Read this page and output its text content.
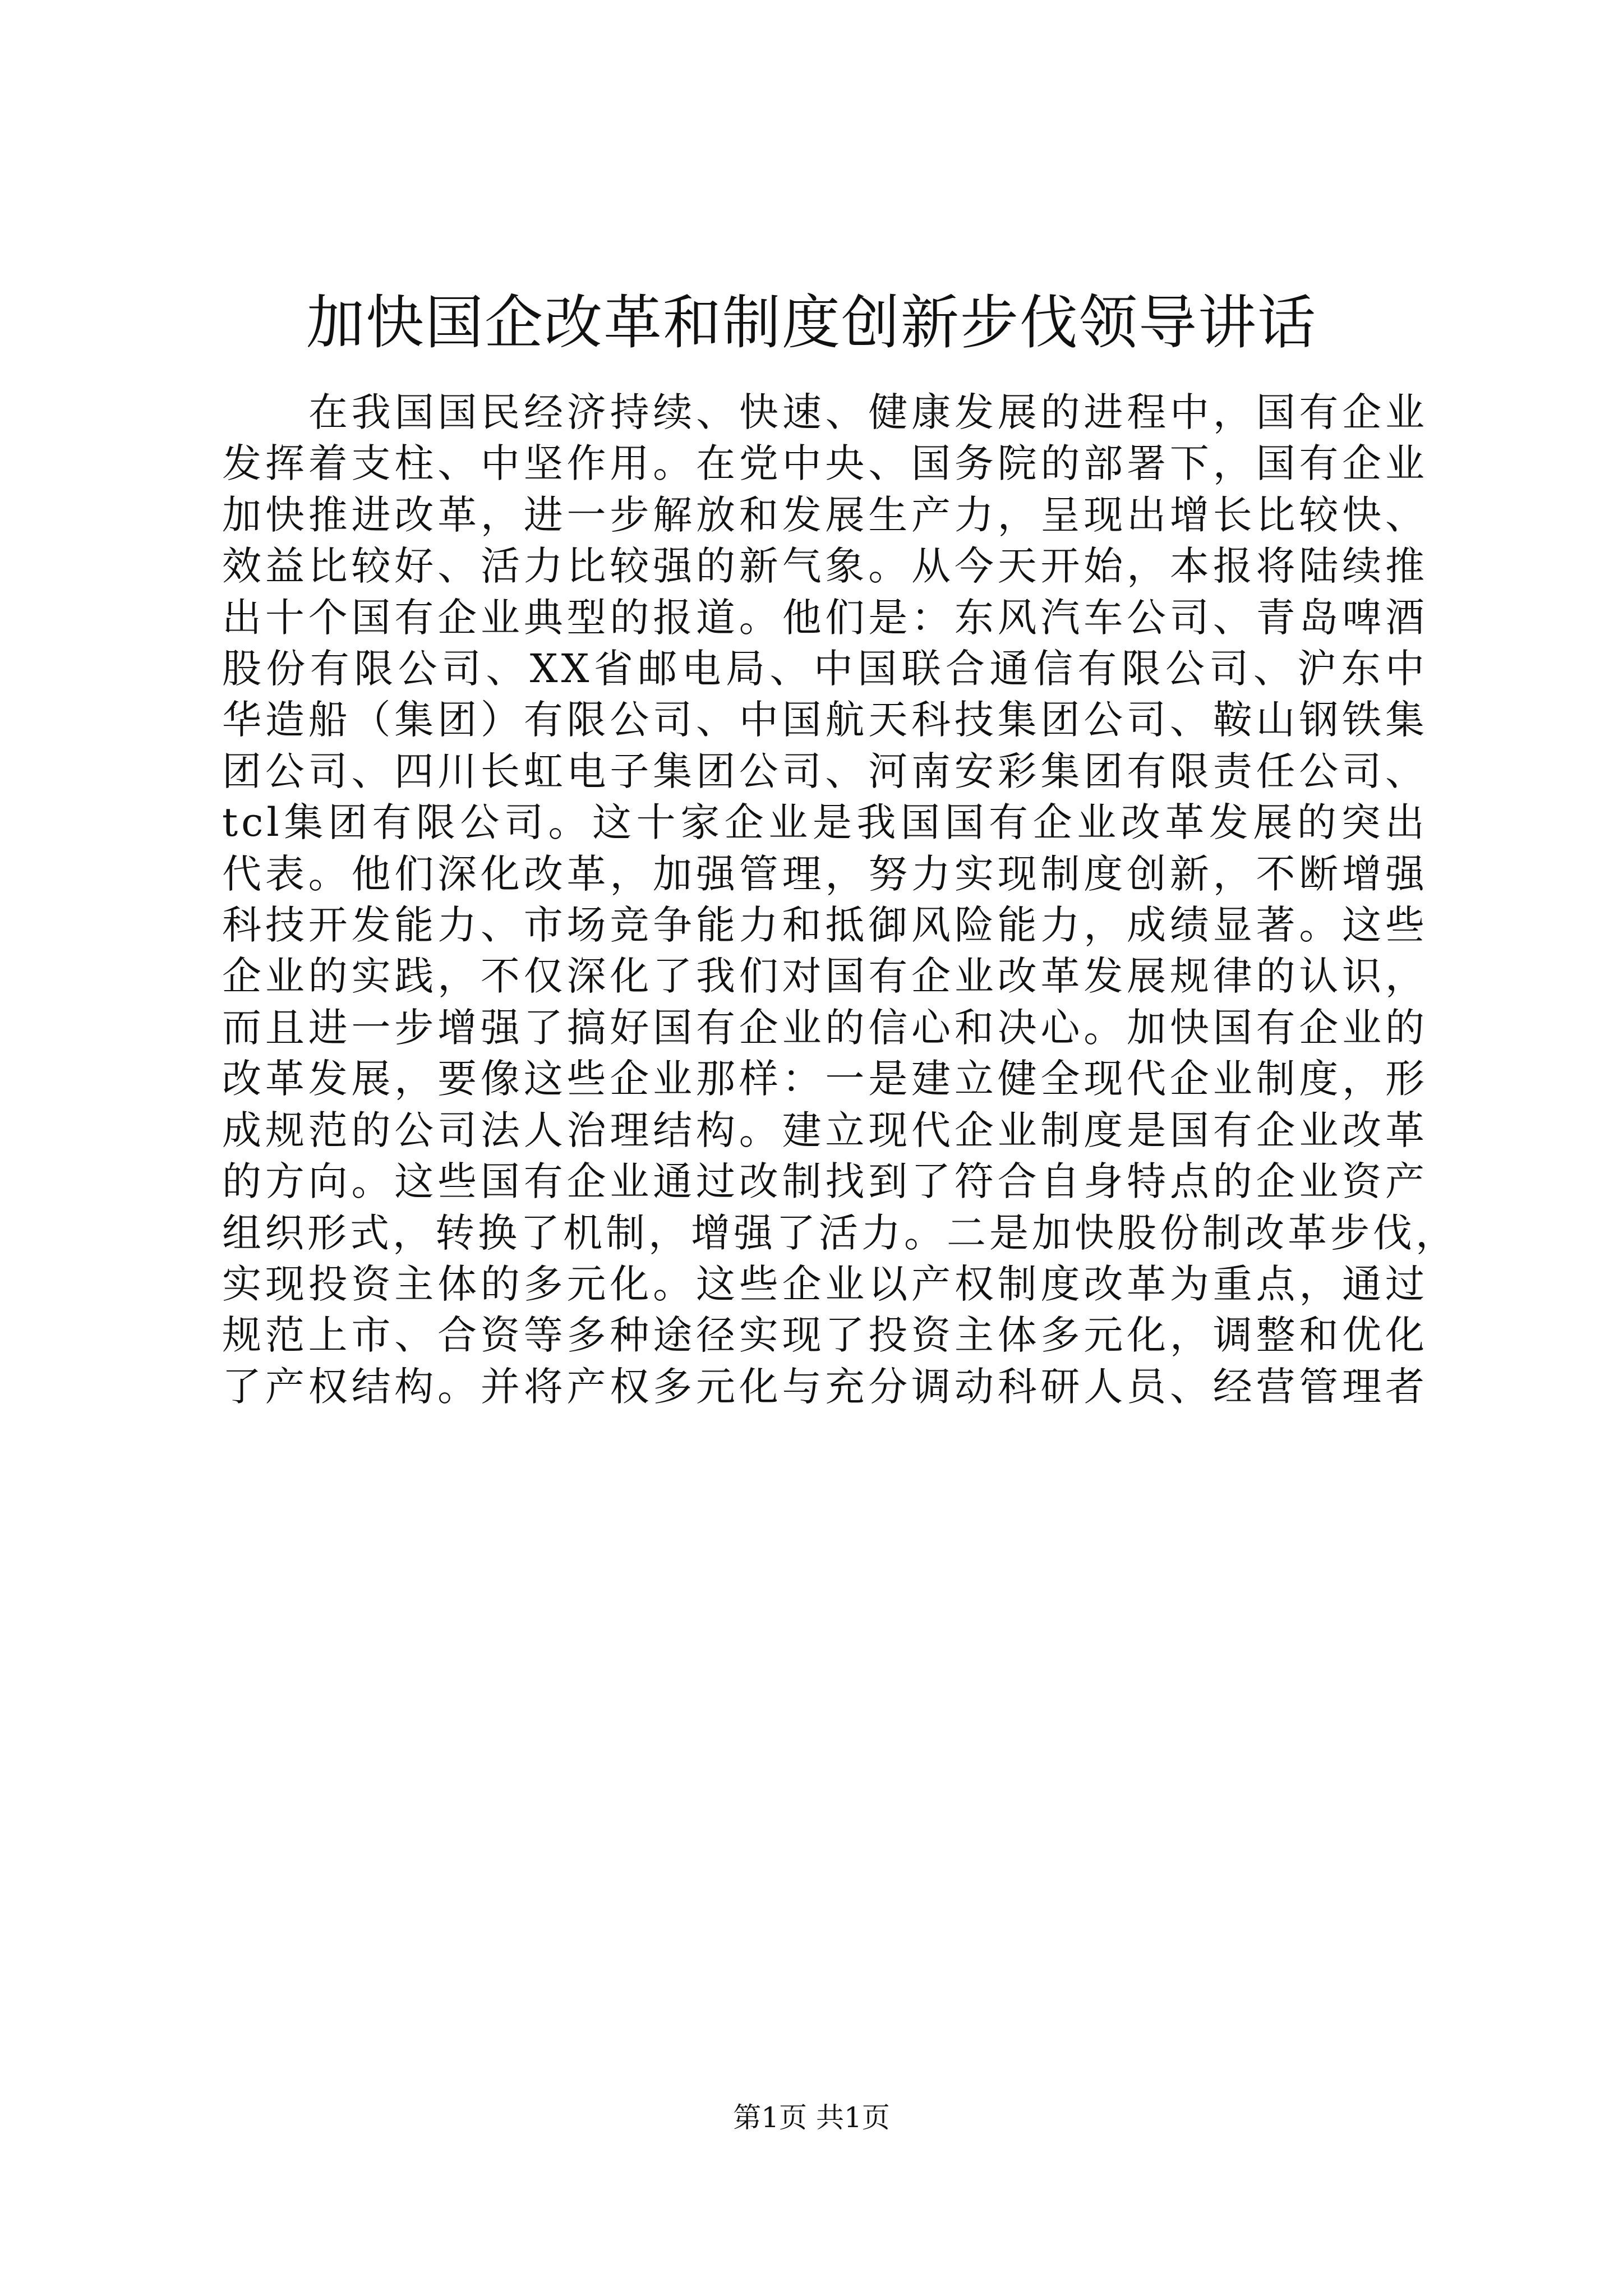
加快国企改革和制度创新步伐领导讲话
在我国国民经济持续、快速、健康发展的进程中，国有企业
发挥着支柱、中坚作用。在党中央、国务院的部署下，国有企业
加快推进改革，进一步解放和发展生产力，呈现出增长比较快、
效益比较好、活力比较强的新气象。从今天开始，本报将陆续推
出十个国有企业典型的报道。他们是：东风汽车公司、青岛啤酒
股份有限公司、XX省邮电局、中国联合通信有限公司、沪东中
华造船（集团）有限公司、中国航天科技集团公司、鞍山钢铁集
团公司、四川长虹电子集团公司、河南安彩集团有限责任公司、
tcl集团有限公司。这十家企业是我国国有企业改革发展的突出
代表。他们深化改革，加强管理，努力实现制度创新，不断增强
科技开发能力、市场竞争能力和抵御风险能力，成绩显著。这些
企业的实践，不仅深化了我们对国有企业改革发展规律的认识，
而且进一步增强了搞好国有企业的信心和决心。加快国有企业的
改革发展，要像这些企业那样：一是建立健全现代企业制度，形
成规范的公司法人治理结构。建立现代企业制度是国有企业改革
的方向。这些国有企业通过改制找到了符合自身特点的企业资产
组织形式，转换了机制，增强了活力。二是加快股份制改革步伐，
实现投资主体的多元化。这些企业以产权制度改革为重点，通过
规范上市、合资等多种途径实现了投资主体多元化，调整和优化
了产权结构。并将产权多元化与充分调动科研人员、经营管理者
第1页 共1页
